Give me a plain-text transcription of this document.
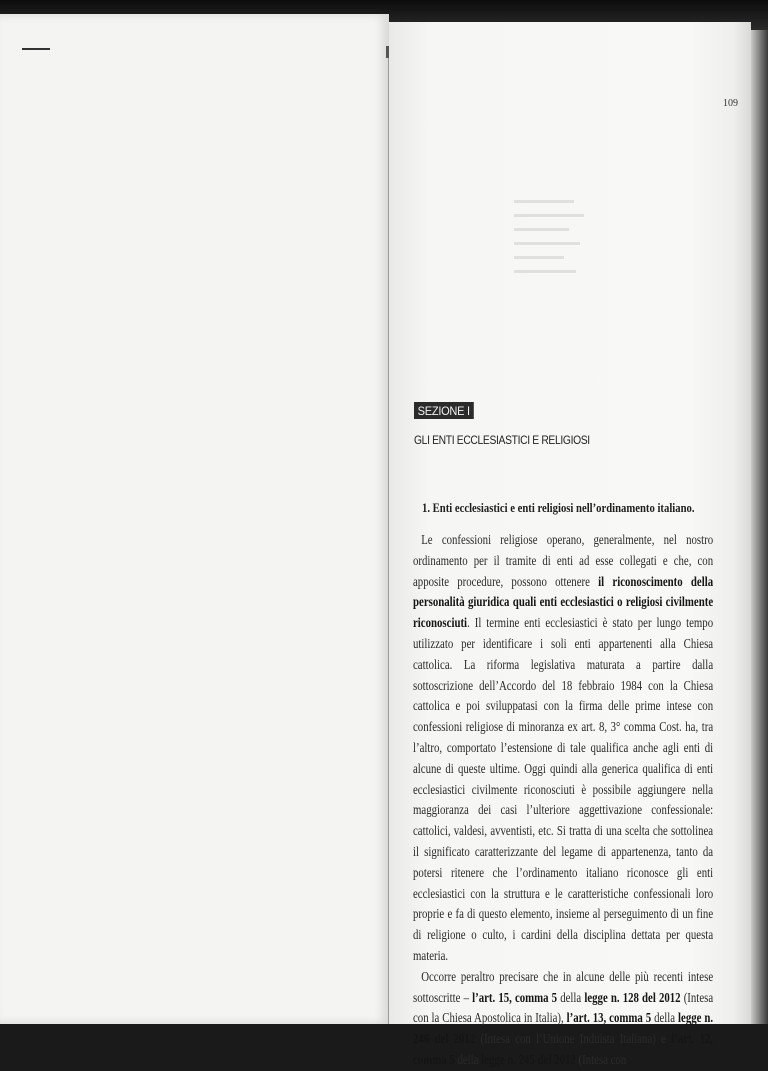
109
SEZIONE I
GLI ENTI ECCLESIASTICI E RELIGIOSI
1. Enti ecclesiastici e enti religiosi nell’ordinamento italiano.

Le confessioni religiose operano, generalmente, nel nostro ordinamento per il tramite di enti ad esse collegati e che, con apposite procedure, possono ottenere il riconoscimento della personalità giuridica quali enti ecclesiastici o religiosi civilmente riconosciuti. Il termine enti ecclesiastici è stato per lungo tempo utilizzato per identificare i soli enti appartenenti alla Chiesa cattolica. La riforma legislativa maturata a partire dalla sottoscrizione dell’Accordo del 18 febbraio 1984 con la Chiesa cattolica e poi sviluppatasi con la firma delle prime intese con confessioni religiose di minoranza ex art. 8, 3° comma Cost. ha, tra l’altro, comportato l’estensione di tale qualifica anche agli enti di alcune di queste ultime. Oggi quindi alla generica qualifica di enti ecclesiastici civilmente riconosciuti è possibile aggiungere nella maggioranza dei casi l’ulteriore aggettivazione confessionale: cattolici, valdesi, avventisti, etc. Si tratta di una scelta che sottolinea il significato caratterizzante del legame di appartenenza, tanto da potersi ritenere che l’ordinamento italiano riconosce gli enti ecclesiastici con la struttura e le caratteristiche confessionali loro proprie e fa di questo elemento, insieme al perseguimento di un fine di religione o culto, i cardini della disciplina dettata per questa materia.

Occorre peraltro precisare che in alcune delle più recenti intese sottoscritte – l’art. 15, comma 5 della legge n. 128 del 2012 (Intesa con la Chiesa Apostolica in Italia), l’art. 13, comma 5 della legge n. 246 del 2012 (Intesa con l’Unione Induista Italiana) e l’art. 12, comma 5 della legge n. 245 del 2012 (Intesa con
